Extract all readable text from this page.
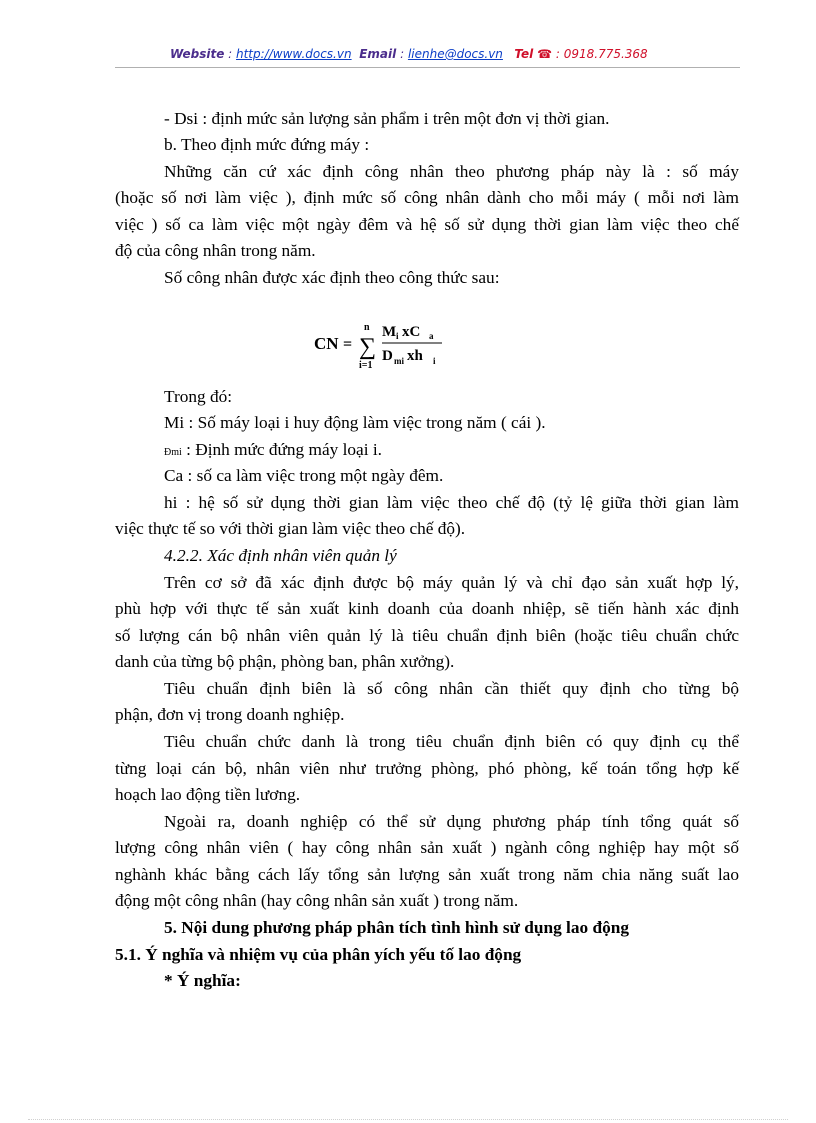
Website : http://www.docs.vn Email : lienhe@docs.vn Tel ☎ : 0918.775.368
- Dsi : định mức sản lượng sản phẩm i trên một đơn vị thời gian.
b. Theo định mức đứng máy :
Những căn cứ xác định công nhân theo phương pháp này là : số máy
(hoặc số nơi làm việc ), định mức số công nhân dành cho mỗi máy ( mỗi nơi làm
việc ) số ca làm việc một ngày đêm và hệ số sử dụng thời gian làm việc theo chế
độ của công nhân trong năm.
Số công nhân được xác định theo công thức sau:
CN =
n
∑
i=1
M i xC a
D mi xh i
Trong đó:
Mi : Số máy loại i huy động làm việc trong năm ( cái ).
Đmi : Định mức đứng máy loại i.
Ca : số ca làm việc trong một ngày đêm.
hi : hệ số sử dụng thời gian làm việc theo chế độ (tỷ lệ giữa thời gian làm
việc thực tế so với thời gian làm việc theo chế độ).
4.2.2. Xác định nhân viên quản lý
Trên cơ sở đã xác định được bộ máy quản lý và chỉ đạo sản xuất hợp lý,
phù hợp với thực tế sản xuất kinh doanh của doanh nhiệp, sẽ tiến hành xác định
số lượng cán bộ nhân viên quản lý là tiêu chuẩn định biên (hoặc tiêu chuẩn chức
danh của từng bộ phận, phòng ban, phân xưởng).
Tiêu chuẩn định biên là số công nhân cần thiết quy định cho từng bộ
phận, đơn vị trong doanh nghiệp.
Tiêu chuẩn chức danh là trong tiêu chuẩn định biên có quy định cụ thể
từng loại cán bộ, nhân viên như trưởng phòng, phó phòng, kế toán tổng hợp kế
hoạch lao động tiền lương.
Ngoài ra, doanh nghiệp có thể sử dụng phương pháp tính tổng quát số
lượng công nhân viên ( hay công nhân sản xuất ) ngành công nghiệp hay một số
nghành khác bằng cách lấy tổng sản lượng sản xuất trong năm chia năng suất lao
động một công nhân (hay công nhân sản xuất ) trong năm.
5. Nội dung phương pháp phân tích tình hình sử dụng lao động
5.1. Ý nghĩa và nhiệm vụ của phân yích yếu tố lao động
* Ý nghĩa:
